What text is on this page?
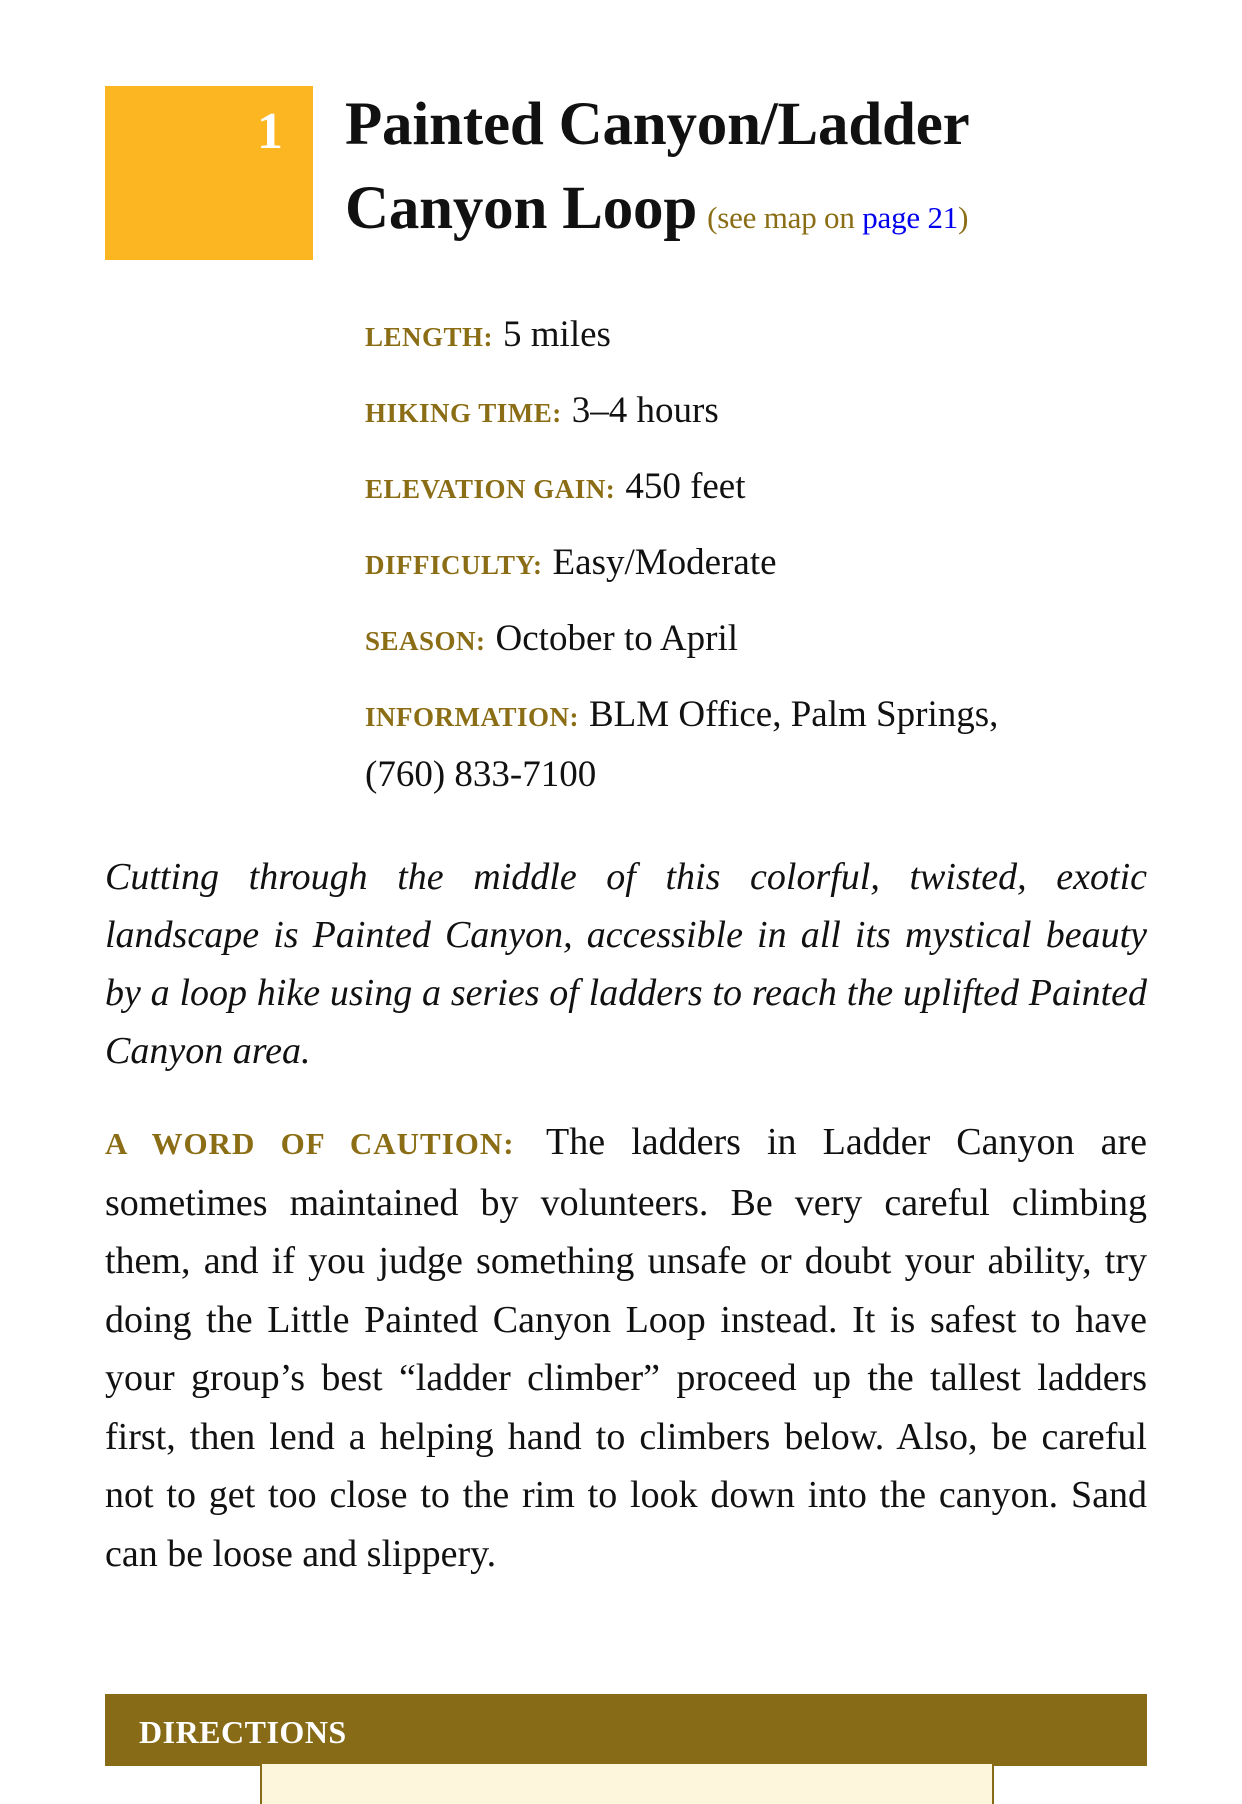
1 Painted Canyon/Ladder
Canyon Loop (see map on page 21)
LENGTH: 5 miles
HIKING TIME: 3–4 hours
ELEVATION GAIN: 450 feet
DIFFICULTY: Easy/Moderate
SEASON: October to April
INFORMATION: BLM Office, Palm Springs,
(760) 833-7100

Cutting through the middle of this colorful, twisted, exotic landscape is Painted Canyon, accessible in all its mystical beauty by a loop hike using a series of ladders to reach the uplifted Painted Canyon area.

A WORD OF CAUTION: The ladders in Ladder Canyon are sometimes maintained by volunteers. Be very careful climbing them, and if you judge something unsafe or doubt your ability, try doing the Little Painted Canyon Loop instead. It is safest to have your group’s best “ladder climber” proceed up the tallest ladders first, then lend a helping hand to climbers below. Also, be careful not to get too close to the rim to look down into the canyon. Sand can be loose and slippery.

DIRECTIONS
